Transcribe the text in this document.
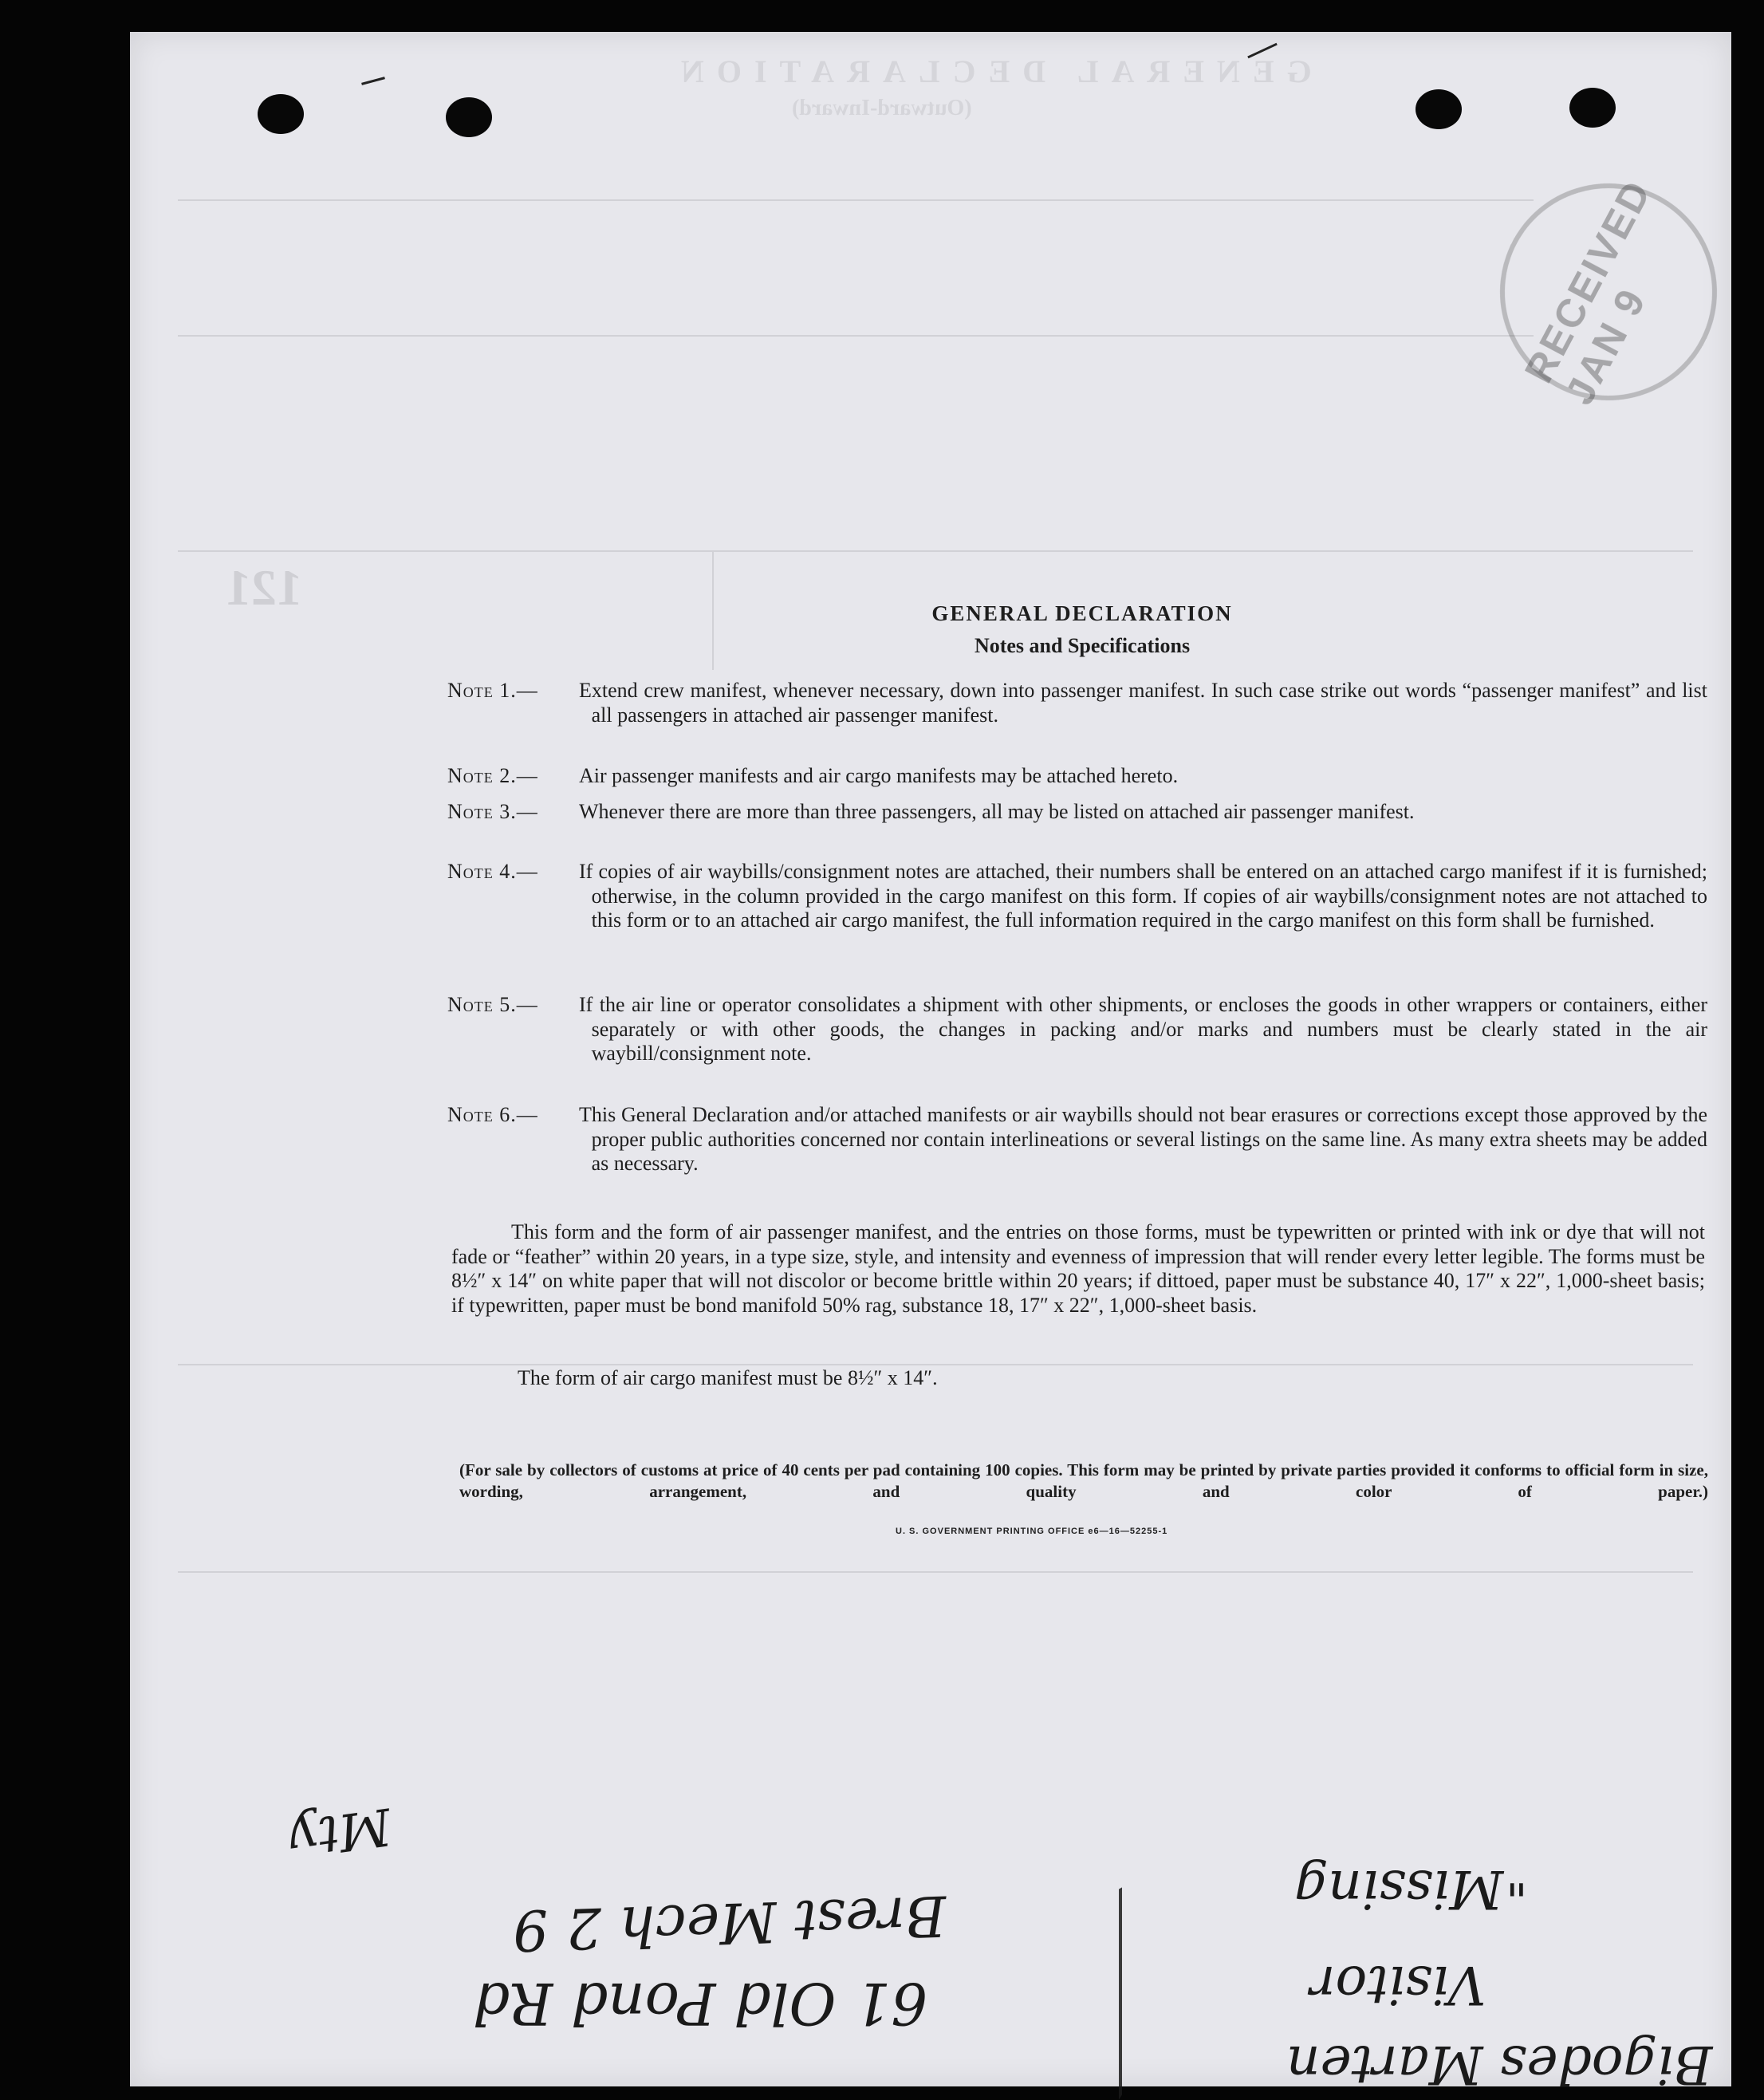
GENERAL DECLARATION
(Outward-Inward)
121
RECEIVED JAN 9
GENERAL DECLARATION
Notes and Specifications
Note 1.—	Extend crew manifest, whenever necessary, down into passenger manifest. In such case strike out words “passenger manifest” and list all passengers in attached air passenger manifest.
Note 2.—	Air passenger manifests and air cargo manifests may be attached hereto.
Note 3.—	Whenever there are more than three passengers, all may be listed on attached air passenger manifest.
Note 4.—	If copies of air waybills/consignment notes are attached, their numbers shall be entered on an attached cargo manifest if it is furnished; otherwise, in the column provided in the cargo manifest on this form. If copies of air waybills/consignment notes are not attached to this form or to an attached air cargo manifest, the full information required in the cargo manifest on this form shall be furnished.
Note 5.—	If the air line or operator consolidates a shipment with other shipments, or encloses the goods in other wrappers or containers, either separately or with other goods, the changes in packing and/or marks and numbers must be clearly stated in the air waybill/consignment note.
Note 6.—	This General Declaration and/or attached manifests or air waybills should not bear erasures or corrections except those approved by the proper public authorities concerned nor contain interlineations or several listings on the same line. As many extra sheets may be added as necessary.
This form and the form of air passenger manifest, and the entries on those forms, must be typewritten or printed with ink or dye that will not fade or “feather” within 20 years, in a type size, style, and intensity and evenness of impression that will render every letter legible. The forms must be 8½″ x 14″ on white paper that will not discolor or become brittle within 20 years; if dittoed, paper must be substance 40, 17″ x 22″, 1,000-sheet basis; if typewritten, paper must be bond manifold 50% rag, substance 18, 17″ x 22″, 1,000-sheet basis.
The form of air cargo manifest must be 8½″ x 14″.
(For sale by collectors of customs at price of 40 cents per pad containing 100 copies. This form may be printed by private parties provided it conforms to official form in size, wording, arrangement, and quality and color of paper.)
U. S. GOVERNMENT PRINTING OFFICE e6—16—52255-1
Brest Mech 2 9
61 Old Pond Rd
Mty
"
Visitor
Missing
Bigodes Marten
